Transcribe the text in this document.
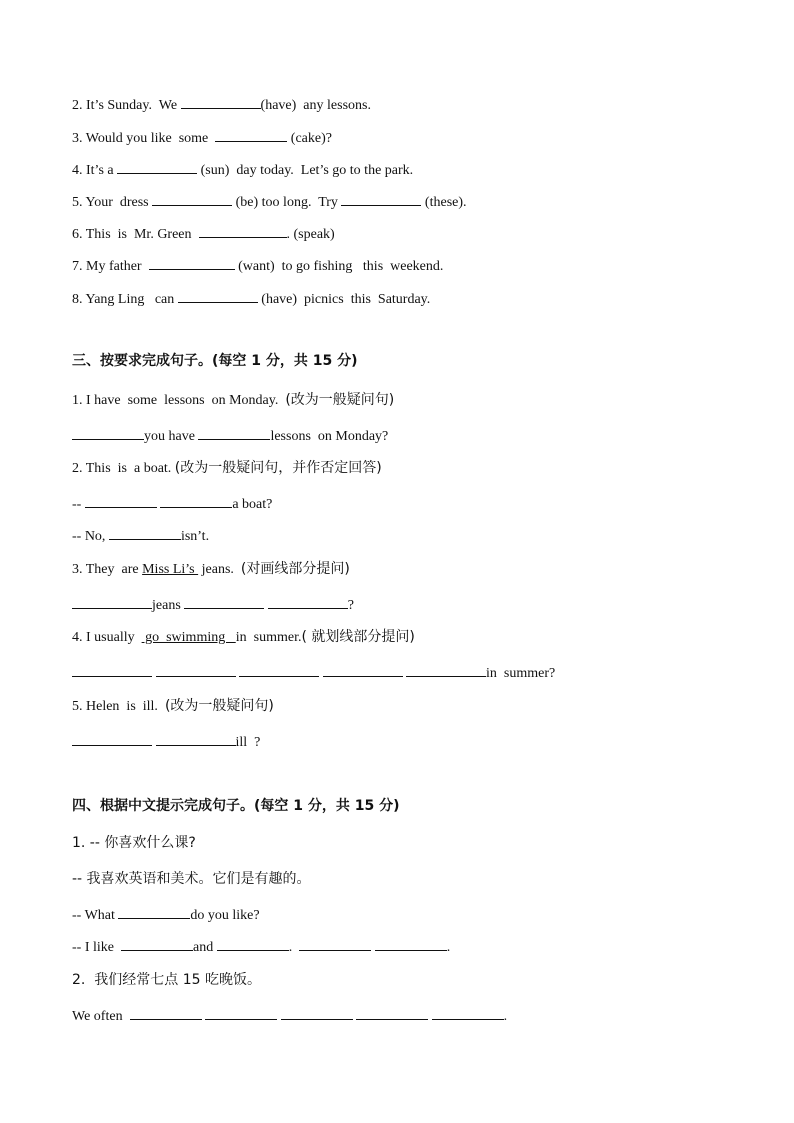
2. It’s Sunday.  We	(have)  any lessons.
3. Would you like  some	(cake)?
4. It’s a	(sun)  day today.  Let’s go to the park.
5. Your  dress	(be) too long.  Try	(these).
6. This  is  Mr. Green	. (speak)
7. My father	(want)  to go fishing   this  weekend.
8. Yang Ling   can	(have)  picnics  this  Saturday.
三、按要求完成句子。(每空 1 分，共 15 分)
1. I have  some  lessons  on Monday.  (改为一般疑问句)
you have	lessons  on Monday?
2. This  is  a boat. (改为一般疑问句，并作否定回答)
--	a boat?
-- No,	isn’t.
3. They  are Miss Li’s  jeans.  (对画线部分提问)
jeans	?
4. I usually   go  swimming   in  summer.( 就划线部分提问)
in  summer?
5. Helen  is  ill.  (改为一般疑问句)
ill  ?
四、根据中文提示完成句子。(每空 1 分，共 15 分)
1. -- 你喜欢什么课?
-- 我喜欢英语和美术。它们是有趣的。
-- What	do you like?
-- I like	and	.	.
2.  我们经常七点 15 吃晚饭。
We often	.
